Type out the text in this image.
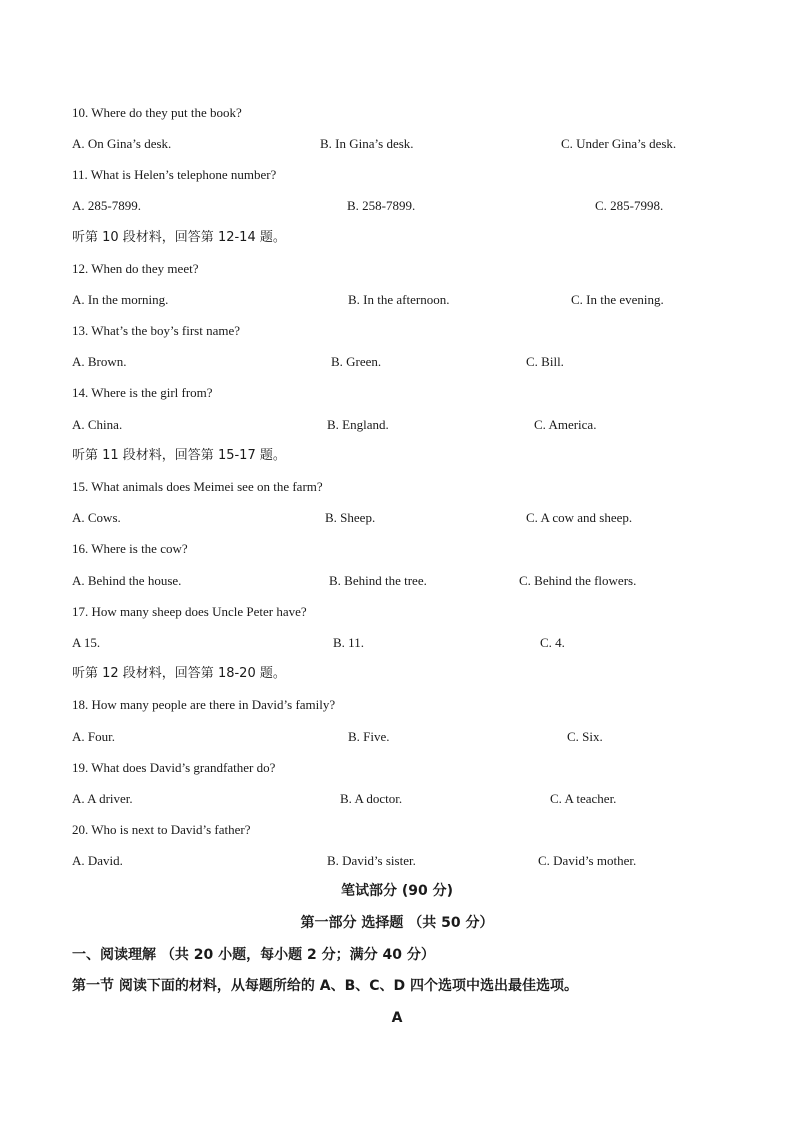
10. Where do they put the book?
A. On Gina’s desk.	B. In Gina’s desk.	C. Under Gina’s desk.
11. What is Helen’s telephone number?
A. 285-7899.	B. 258-7899.	C. 285-7998.
听第 10 段材料，回答第 12-14 题。
12. When do they meet?
A. In the morning.	B. In the afternoon.	C. In the evening.
13. What’s the boy’s first name?
A. Brown.	B. Green.	C. Bill.
14. Where is the girl from?
A. China.	B. England.	C. America.
听第 11 段材料，回答第 15-17 题。
15. What animals does Meimei see on the farm?
A. Cows.	B. Sheep.	C. A cow and sheep.
16. Where is the cow?
A. Behind the house.	B. Behind the tree.	C. Behind the flowers.
17. How many sheep does Uncle Peter have?
A 15.	B. 11.	C. 4.
听第 12 段材料，回答第 18-20 题。
18. How many people are there in David’s family?
A. Four.	B. Five.	C. Six.
19. What does David’s grandfather do?
A. A driver.	B. A doctor.	C. A teacher.
20. Who is next to David’s father?
A. David.	B. David’s sister.	C. David’s mother.
笔试部分 (90 分)
第一部分 选择题 （共 50 分）
一、阅读理解 （共 20 小题，每小题 2 分；满分 40 分）
第一节 阅读下面的材料，从每题所给的 A、B、C、D 四个选项中选出最佳选项。
A
